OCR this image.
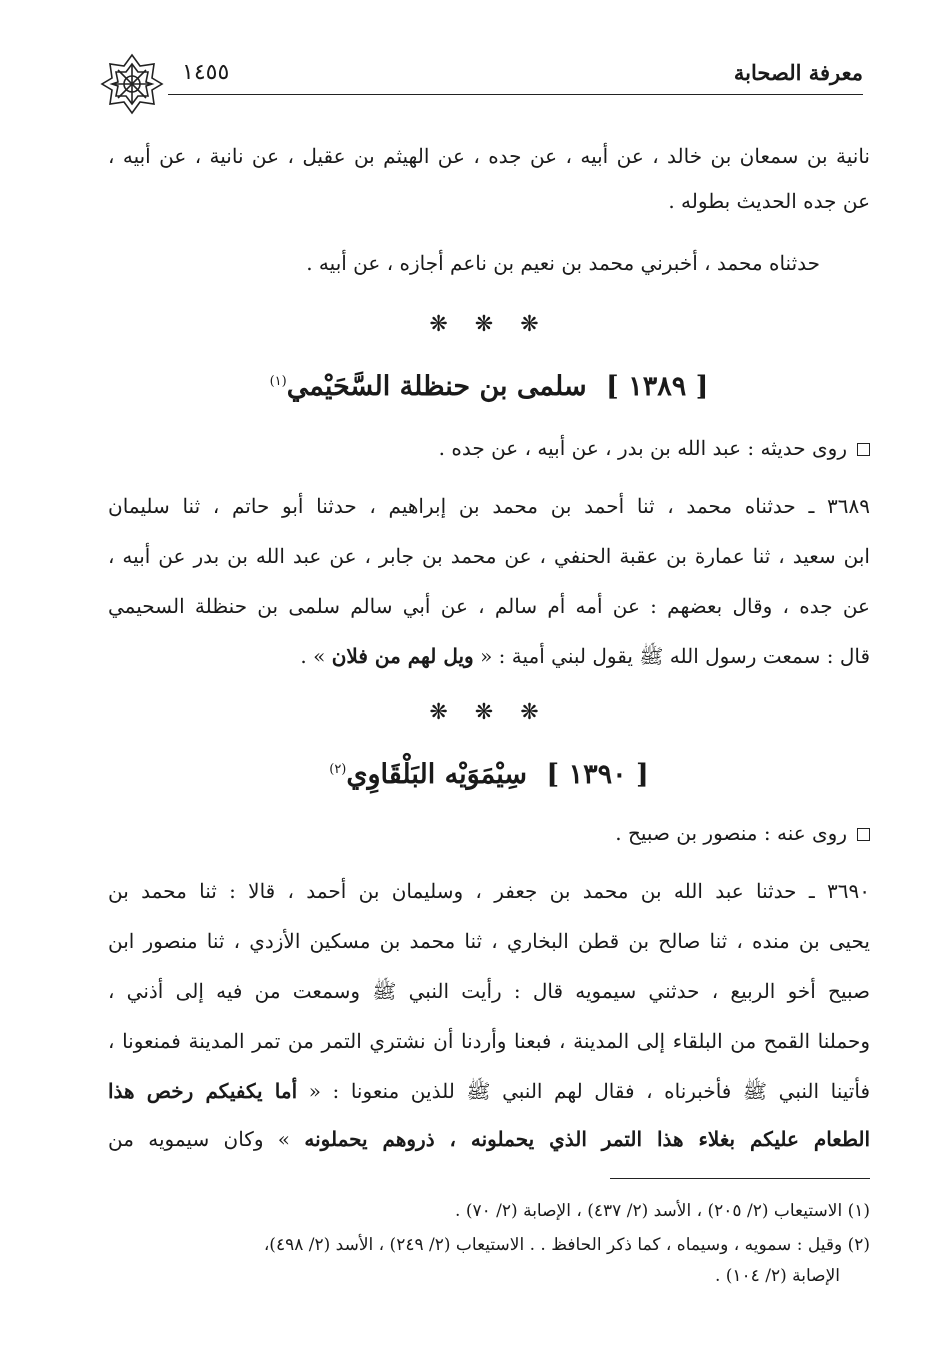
١٤٥٥	معرفة الصحابة
نانية بن سمعان بن خالد ، عن أبيه ، عن جده ، عن الهيثم بن عقيل ، عن نانية ، عن أبيه ،
عن جده الحديث بطوله .
حدثناه محمد ، أخبرني محمد بن نعيم بن ناعم أجازه ، عن أبيه .
❋ ❋ ❋
[ ١٣٨٩ ] سلمى بن حنظلة السَّحَيْمي$^{(١)}$
روى حديثه : عبد الله بن بدر ، عن أبيه ، عن جده .
٣٦٨٩ ـ حدثناه محمد ، ثنا أحمد بن محمد بن إبراهيم ، حدثنا أبو حاتم ، ثنا سليمان
ابن سعيد ، ثنا عمارة بن عقبة الحنفي ، عن محمد بن جابر ، عن عبد الله بن بدر عن أبيه ،
عن جده ، وقال بعضهم : عن أمه أم سالم ، عن أبي سالم سلمى بن حنظلة السحيمي
قال : سمعت رسول الله ﷺ يقول لبني أمية : « ويل لهم من فلان » .
❋ ❋ ❋
[ ١٣٩٠ ] سِيْمَوَيْه البَلْقَاوِي$^{(٢)}$
روى عنه : منصور بن صبيح .
٣٦٩٠ ـ حدثنا عبد الله بن محمد بن جعفر ، وسليمان بن أحمد ، قالا : ثنا محمد بن
يحيى بن منده ، ثنا صالح بن قطن البخاري ، ثنا محمد بن مسكين الأزدي ، ثنا منصور ابن
صبيح أخو الربيع ، حدثني سيمويه قال : رأيت النبي ﷺ وسمعت من فيه إلى أذني ،
وحملنا القمح من البلقاء إلى المدينة ، فبعنا وأردنا أن نشتري التمر من تمر المدينة فمنعونا ،
فأتينا النبي ﷺ فأخبرناه ، فقال لهم النبي ﷺ للذين منعونا : « أما يكفيكم رخص هذا
الطعام عليكم بغلاء هذا التمر الذي يحملونه ، ذروهم يحملونه » وكان سيمويه من
(١) الاستيعاب (٢/ ٢٠٥) ، الأسد (٢/ ٤٣٧) ، الإصابة (٢/ ٧٠) .
(٢) وقيل : سمويه ، وسيماه ، كما ذكر الحافظ . . الاستيعاب (٢/ ٢٤٩) ، الأسد (٢/ ٤٩٨)،
الإصابة (٢/ ١٠٤) .
